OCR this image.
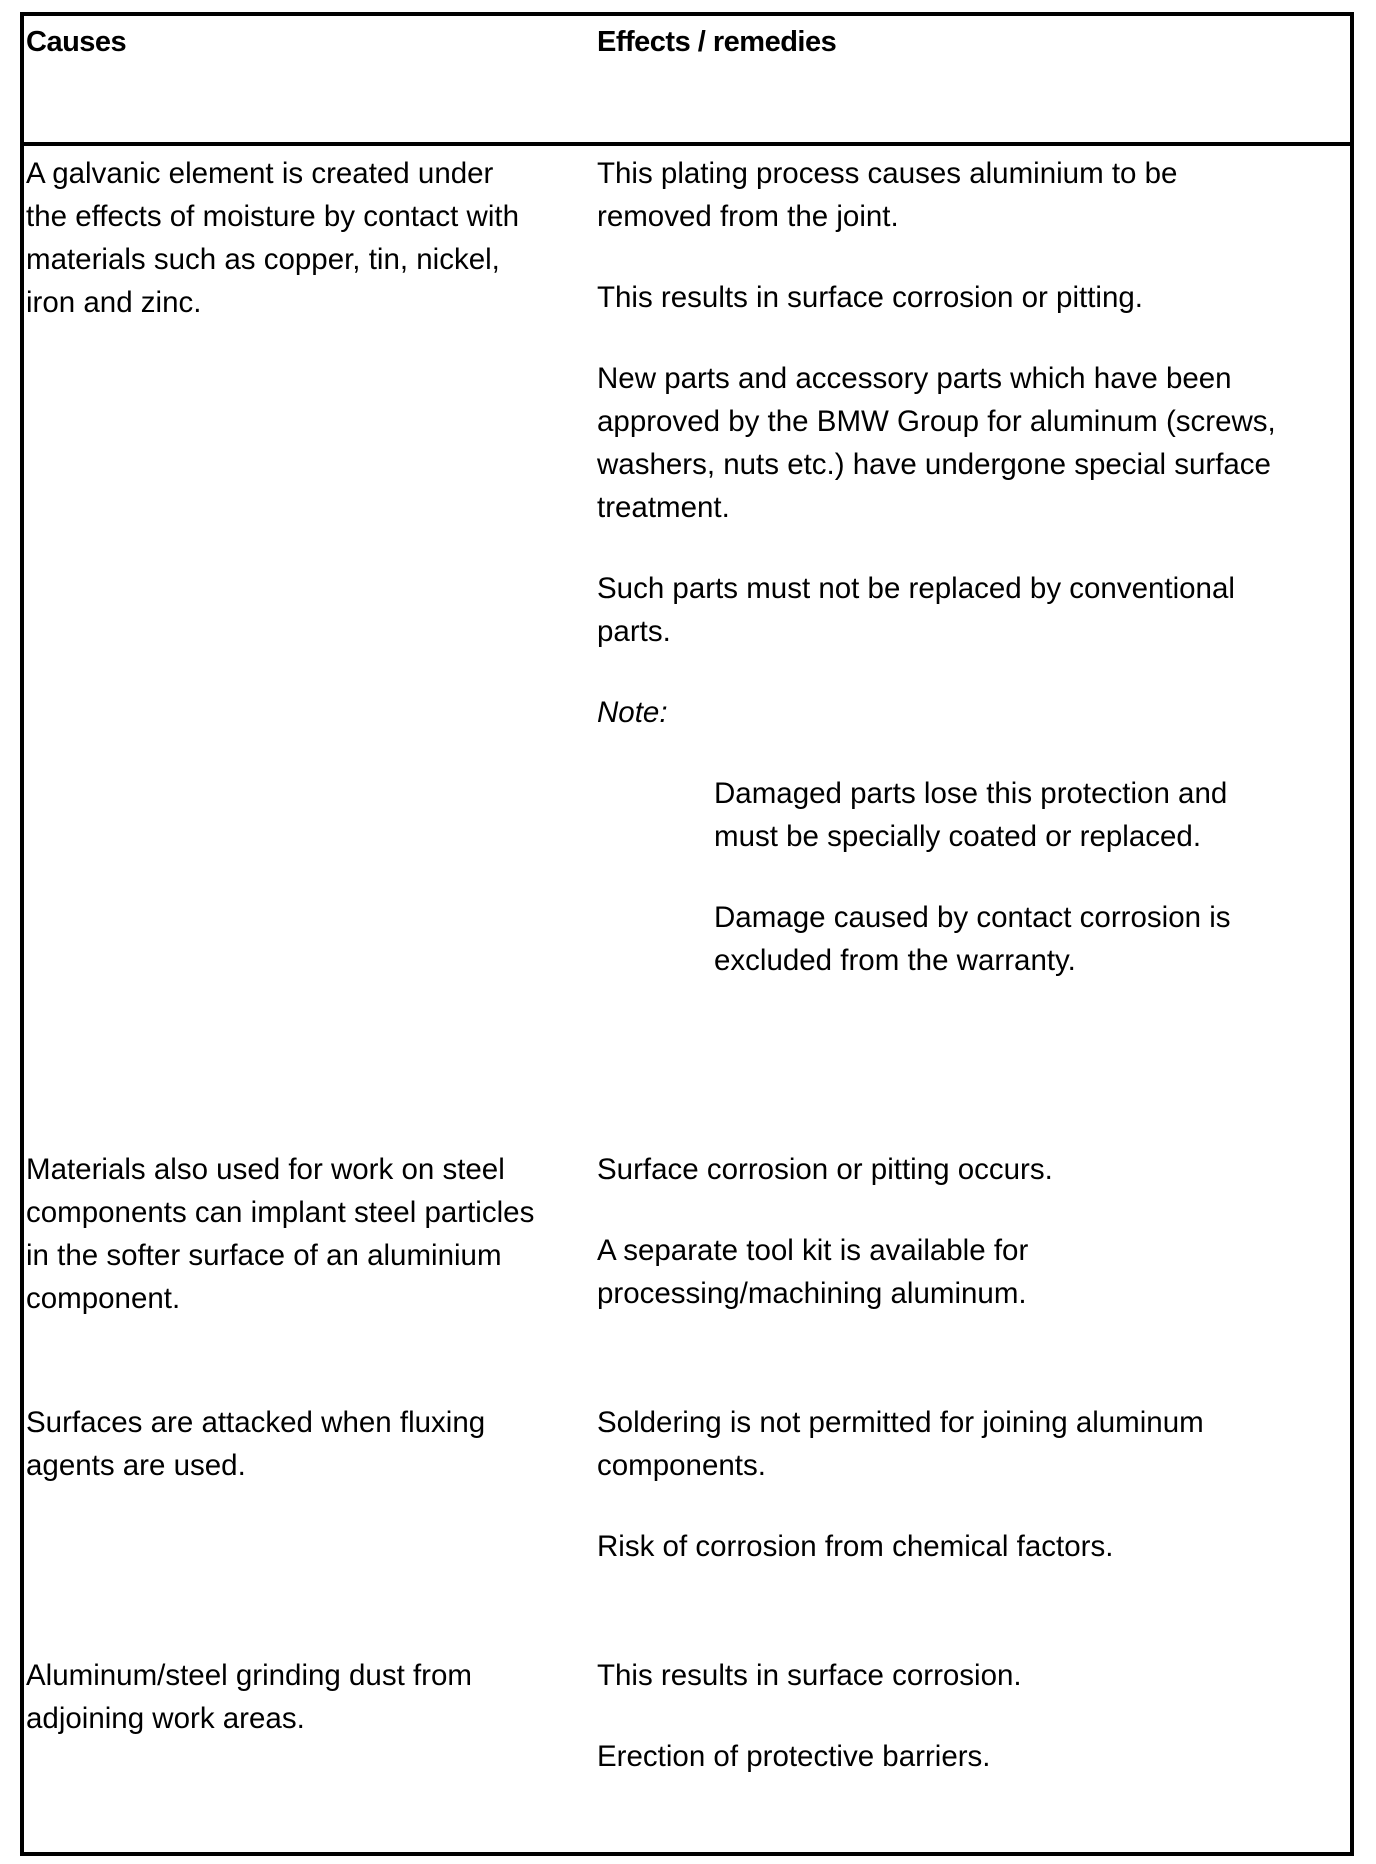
Causes	Effects / remedies
A galvanic element is created under
the effects of moisture by contact with
materials such as copper, tin, nickel,
iron and zinc.
This plating process causes aluminium to be
removed from the joint.
This results in surface corrosion or pitting.
New parts and accessory parts which have been
approved by the BMW Group for aluminum (screws,
washers, nuts etc.) have undergone special surface
treatment.
Such parts must not be replaced by conventional
parts.
Note:
Damaged parts lose this protection and
must be specially coated or replaced.
Damage caused by contact corrosion is
excluded from the warranty.
Materials also used for work on steel
components can implant steel particles
in the softer surface of an aluminium
component.
Surface corrosion or pitting occurs.
A separate tool kit is available for
processing/machining aluminum.
Surfaces are attacked when fluxing
agents are used.
Soldering is not permitted for joining aluminum
components.
Risk of corrosion from chemical factors.
Aluminum/steel grinding dust from
adjoining work areas.
This results in surface corrosion.
Erection of protective barriers.
